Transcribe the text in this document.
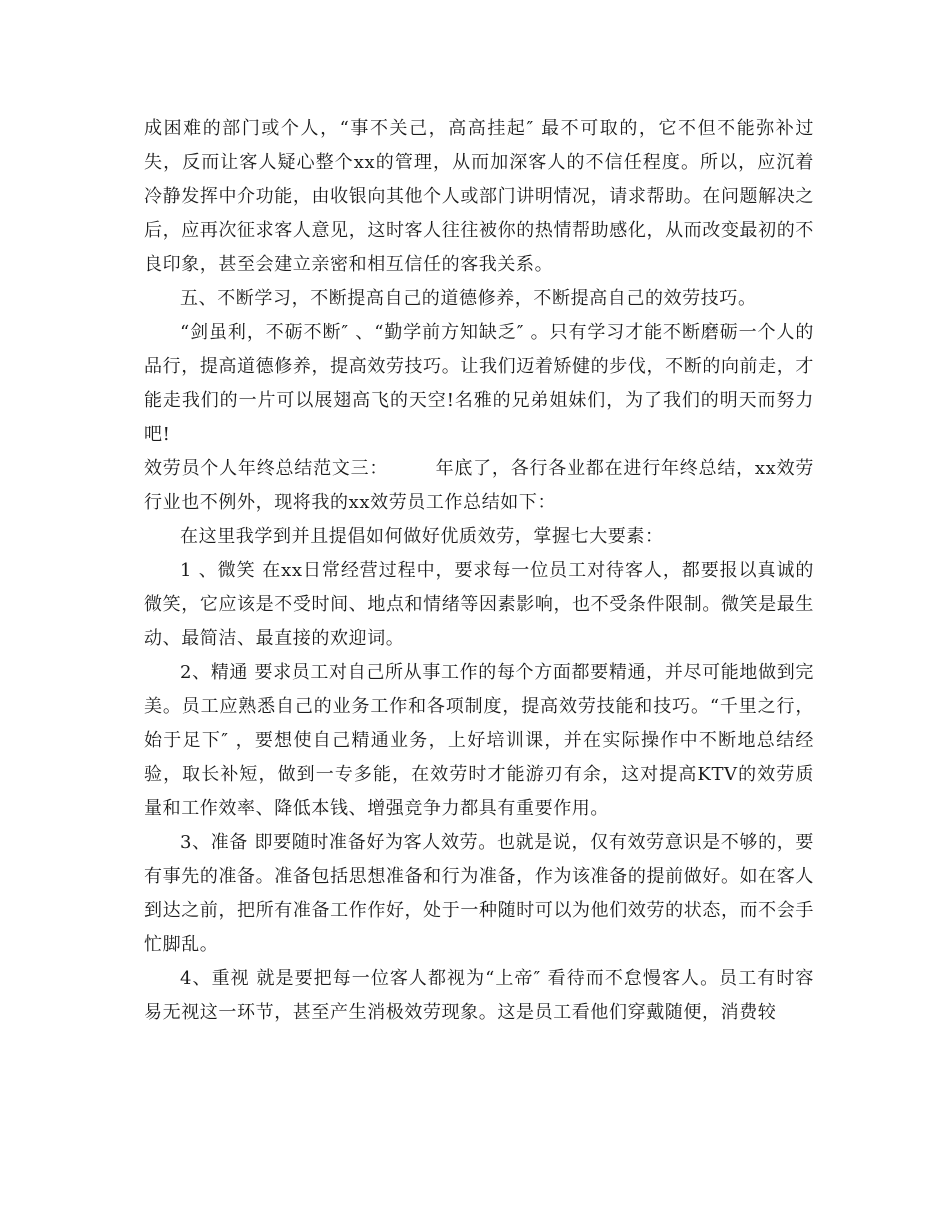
成困难的部门或个人，“事不关己，高高挂起″ 最不可取的，它不但不能弥补过失，反而让客人疑心整个xx的管理，从而加深客人的不信任程度。所以，应沉着冷静发挥中介功能，由收银向其他个人或部门讲明情况，请求帮助。在问题解决之后，应再次征求客人意见，这时客人往往被你的热情帮助感化，从而改变最初的不良印象，甚至会建立亲密和相互信任的客我关系。

五、不断学习，不断提高自己的道德修养，不断提高自己的效劳技巧。

“剑虽利，不砺不断″ 、“勤学前方知缺乏″ 。只有学习才能不断磨砺一个人的品行，提高道德修养，提高效劳技巧。让我们迈着矫健的步伐，不断的向前走，才能走我们的一片可以展翅高飞的天空!名雅的兄弟姐妹们，为了我们的明天而努力吧!

效劳员个人年终总结范文三：　　　年底了，各行各业都在进行年终总结，xx效劳行业也不例外，现将我的xx效劳员工作总结如下：

在这里我学到并且提倡如何做好优质效劳，掌握七大要素：

1 、微笑 在xx日常经营过程中，要求每一位员工对待客人，都要报以真诚的微笑，它应该是不受时间、地点和情绪等因素影响，也不受条件限制。微笑是最生动、最简洁、最直接的欢迎词。

2、精通 要求员工对自己所从事工作的每个方面都要精通，并尽可能地做到完美。员工应熟悉自己的业务工作和各项制度，提高效劳技能和技巧。“千里之行，始于足下″ ，要想使自己精通业务，上好培训课，并在实际操作中不断地总结经验，取长补短，做到一专多能，在效劳时才能游刃有余，这对提高KTV的效劳质量和工作效率、降低本钱、增强竞争力都具有重要作用。

3、准备 即要随时准备好为客人效劳。也就是说，仅有效劳意识是不够的，要有事先的准备。准备包括思想准备和行为准备，作为该准备的提前做好。如在客人到达之前，把所有准备工作作好，处于一种随时可以为他们效劳的状态，而不会手忙脚乱。

4、重视 就是要把每一位客人都视为“上帝″ 看待而不怠慢客人。员工有时容易无视这一环节，甚至产生消极效劳现象。这是员工看他们穿戴随便，消费较
